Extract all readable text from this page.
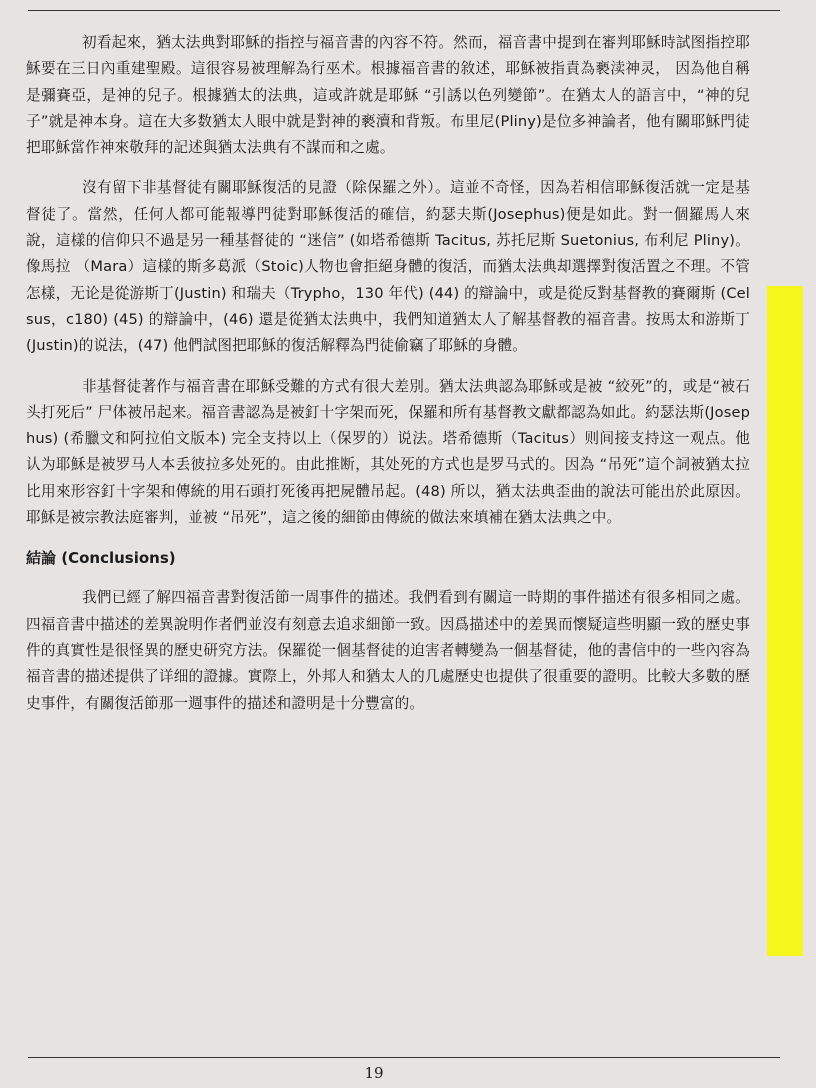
初看起來，猶太法典對耶穌的指控与福音書的內容不符。然而，福音書中提到在審判耶穌時試图指控耶穌要在三日內重建聖殿。這很容易被理解為行巫术。根據福音書的敘述，耶穌被指責為褻渎神灵， 因為他自稱是彌賽亞，是神的兒子。根據猶太的法典，這或許就是耶穌 “引誘以色列變節”。在猶太人的語言中，“神的兒子”就是神本身。這在大多数猶太人眼中就是對神的褻瀆和背叛。布里尼(Pliny)是位多神論者，他有關耶穌門徒把耶穌當作神來敬拜的記述與猶太法典有不謀而和之處。

沒有留下非基督徒有關耶穌復活的見證（除保羅之外）。這並不奇怪，因為若相信耶穌復活就一定是基督徒了。當然，任何人都可能報導門徒對耶穌復活的確信，約瑟夫斯(Josephus)便是如此。對一個羅馬人來說，這樣的信仰只不過是另一種基督徒的 “迷信” (如塔希德斯 Tacitus, 苏托尼斯 Suetonius, 布利尼 Pliny)。 像馬拉 （Mara）這樣的斯多葛派（Stoic)人物也會拒絕身體的復活，而猶太法典却選擇對復活置之不理。不管怎樣，无论是從游斯丁(Justin) 和瑞夫（Trypho，130 年代) (44) 的辯論中，或是從反對基督教的賽爾斯 (Celsus，c180) (45) 的辯論中，(46) 還是從猶太法典中，我們知道猶太人了解基督教的福音書。按馬太和游斯丁(Justin)的说法，(47) 他們試图把耶穌的復活解釋為門徒偷竊了耶穌的身體。

非基督徒著作与福音書在耶穌受難的方式有很大差別。猶太法典認為耶穌或是被 “絞死”的，或是“被石头打死后” 尸体被吊起来。福音書認為是被釘十字架而死，保羅和所有基督教文獻都認為如此。約瑟法斯(Josephus) (希臘文和阿拉伯文版本) 完全支持以上（保罗的）说法。塔希德斯（Tacitus）则间接支持这一观点。他认为耶穌是被罗马人本丢彼拉多处死的。由此推断，其处死的方式也是罗马式的。因為 “吊死”這个詞被猶太拉比用來形容釘十字架和傳統的用石頭打死後再把屍體吊起。(48) 所以，猶太法典歪曲的說法可能出於此原因。耶穌是被宗教法庭審判，並被 “吊死”，這之後的細節由傳統的做法來填補在猶太法典之中。

結論 (Conclusions)

我們已經了解四福音書對復活節一周事件的描述。我們看到有關這一時期的事件描述有很多相同之處。四福音書中描述的差異說明作者們並沒有刻意去追求細節一致。因爲描述中的差異而懷疑這些明顯一致的歷史事件的真實性是很怪異的歷史研究方法。保羅從一個基督徒的迫害者轉變為一個基督徒，他的書信中的一些內容為福音書的描述提供了详细的證據。實際上，外邦人和猶太人的几處歷史也提供了很重要的證明。比較大多數的歷史事件，有關復活節那一週事件的描述和證明是十分豐富的。

19
